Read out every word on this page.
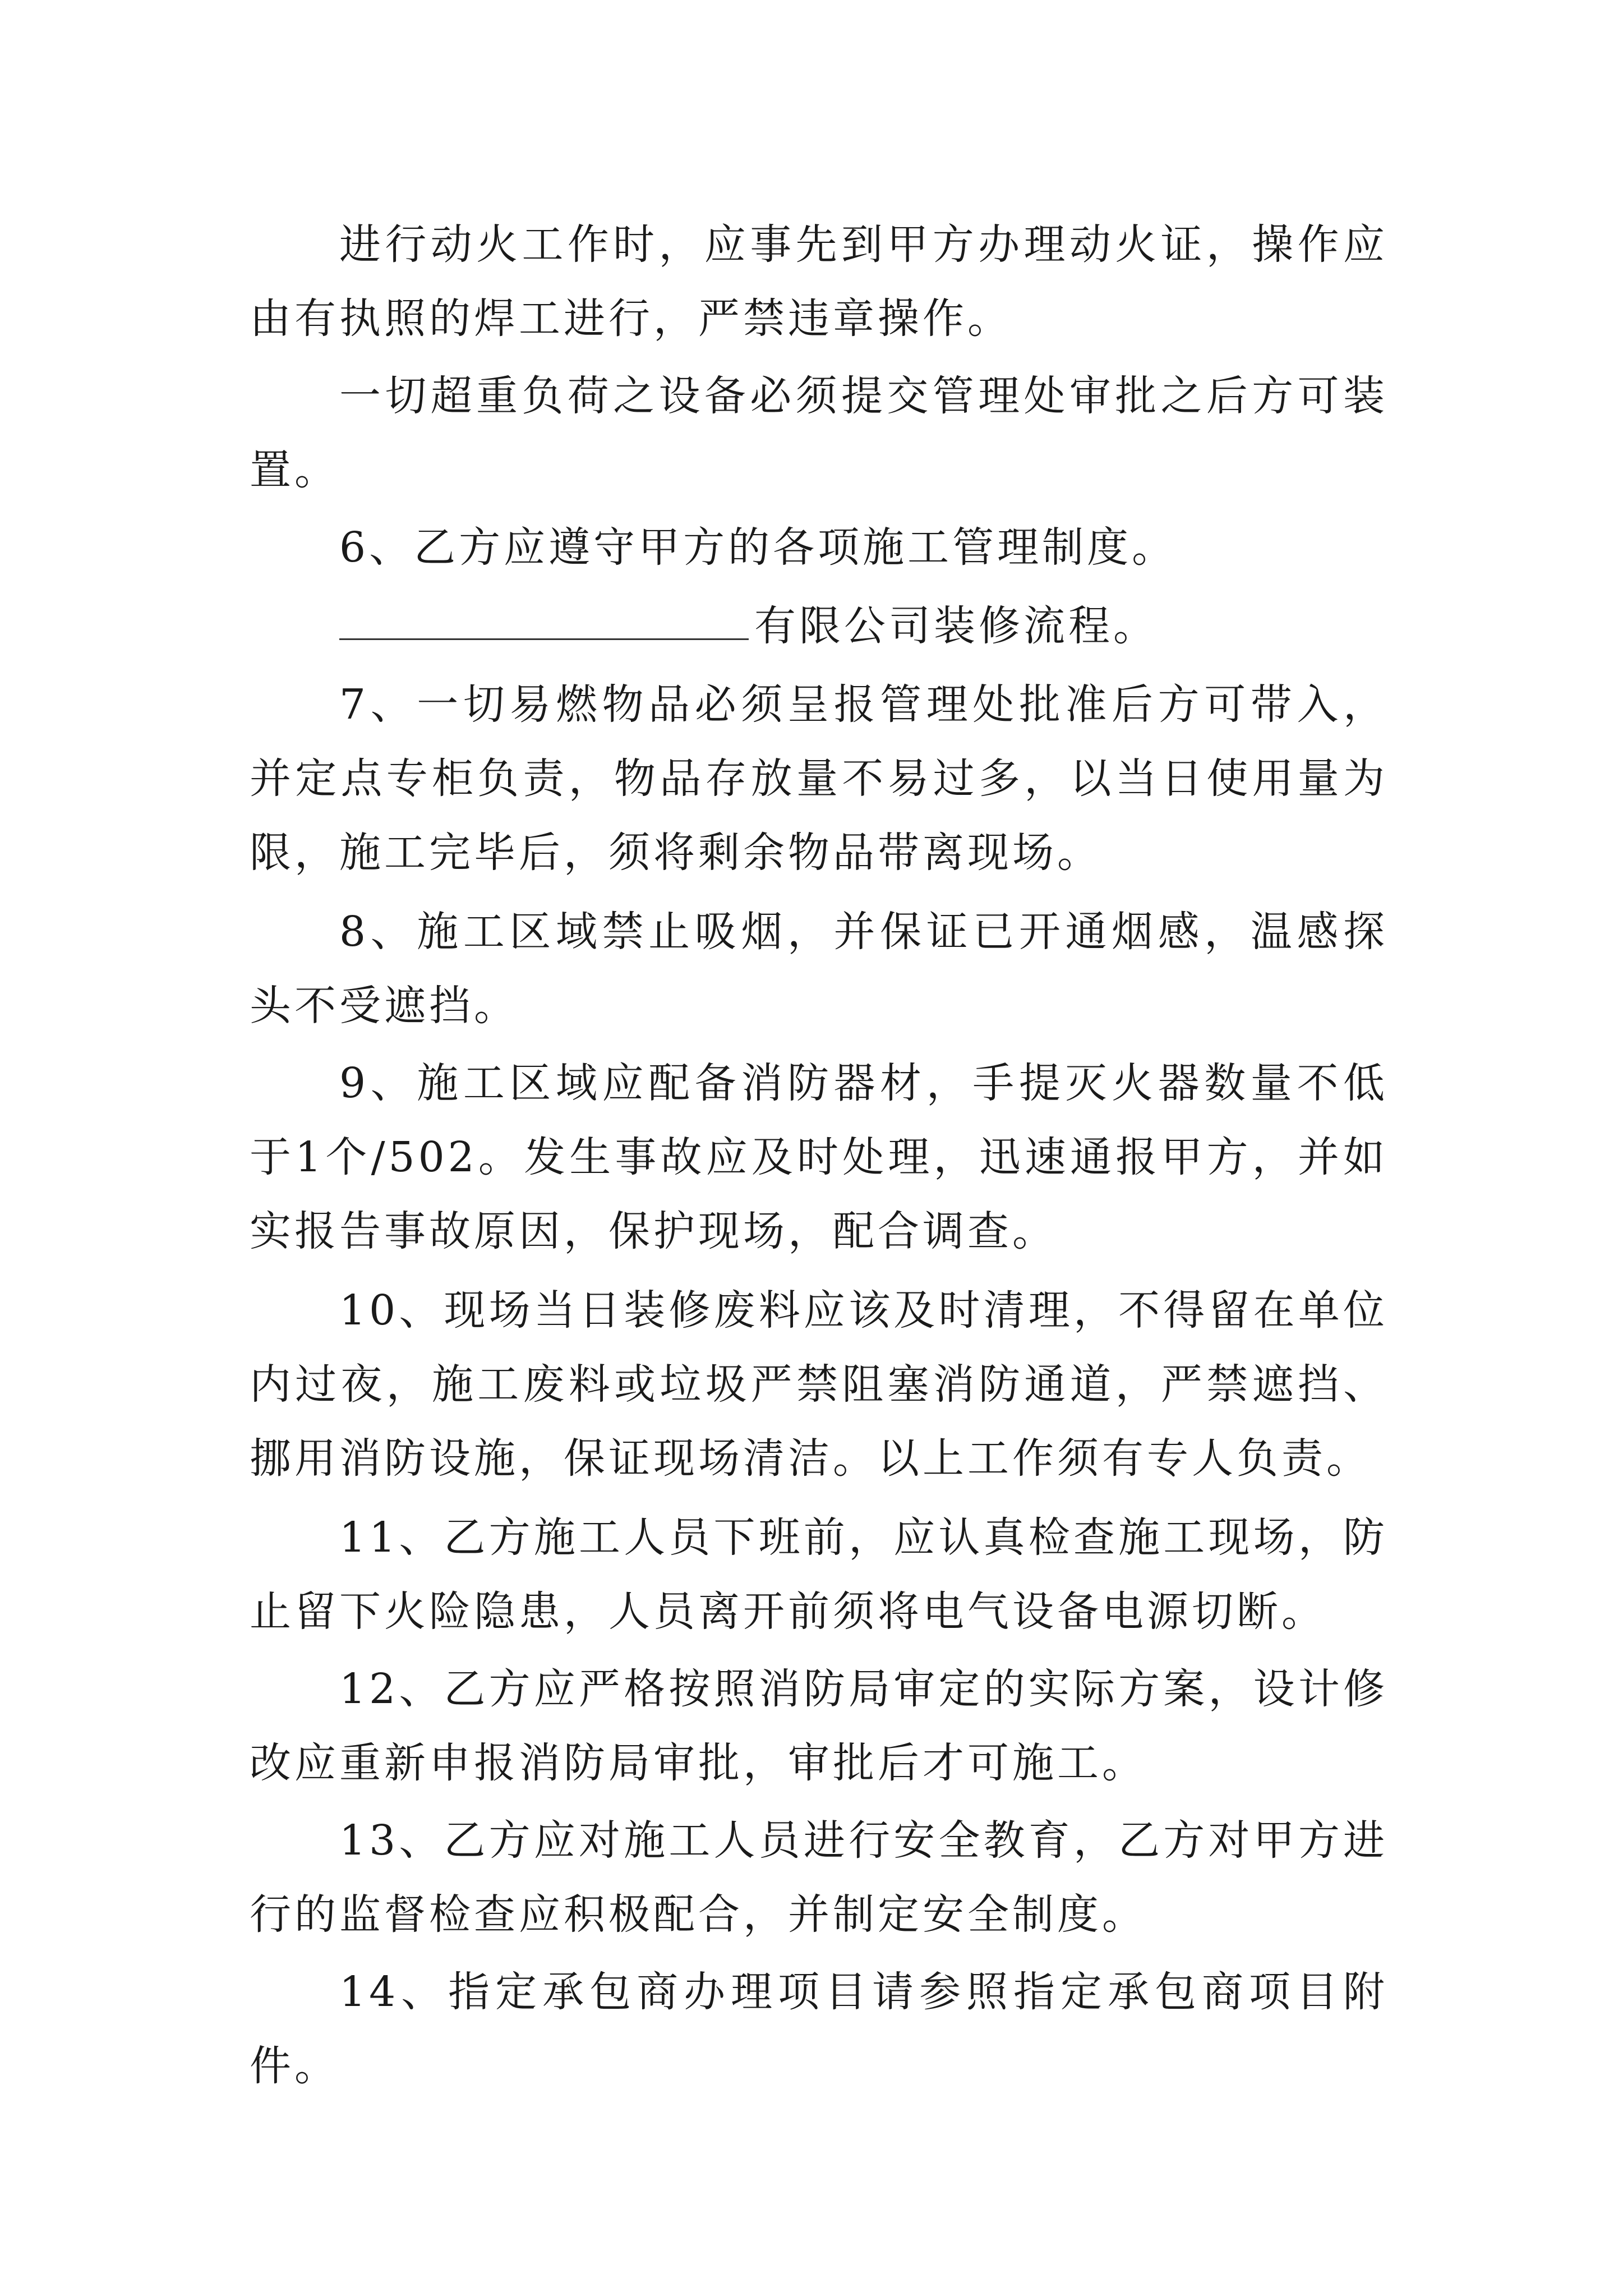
进行动火工作时，应事先到甲方办理动火证，操作应由有执照的焊工进行，严禁违章操作。

一切超重负荷之设备必须提交管理处审批之后方可装置。

6、乙方应遵守甲方的各项施工管理制度。

有限公司装修流程。

7、一切易燃物品必须呈报管理处批准后方可带入，并定点专柜负责，物品存放量不易过多，以当日使用量为限，施工完毕后，须将剩余物品带离现场。

8、施工区域禁止吸烟，并保证已开通烟感，温感探头不受遮挡。

9、施工区域应配备消防器材，手提灭火器数量不低于1个/502。发生事故应及时处理，迅速通报甲方，并如实报告事故原因，保护现场，配合调查。

10、现场当日装修废料应该及时清理，不得留在单位内过夜，施工废料或垃圾严禁阻塞消防通道，严禁遮挡、挪用消防设施，保证现场清洁。以上工作须有专人负责。

11、乙方施工人员下班前，应认真检查施工现场，防止留下火险隐患，人员离开前须将电气设备电源切断。

12、乙方应严格按照消防局审定的实际方案，设计修改应重新申报消防局审批，审批后才可施工。

13、乙方应对施工人员进行安全教育，乙方对甲方进行的监督检查应积极配合，并制定安全制度。

14、指定承包商办理项目请参照指定承包商项目附件。
